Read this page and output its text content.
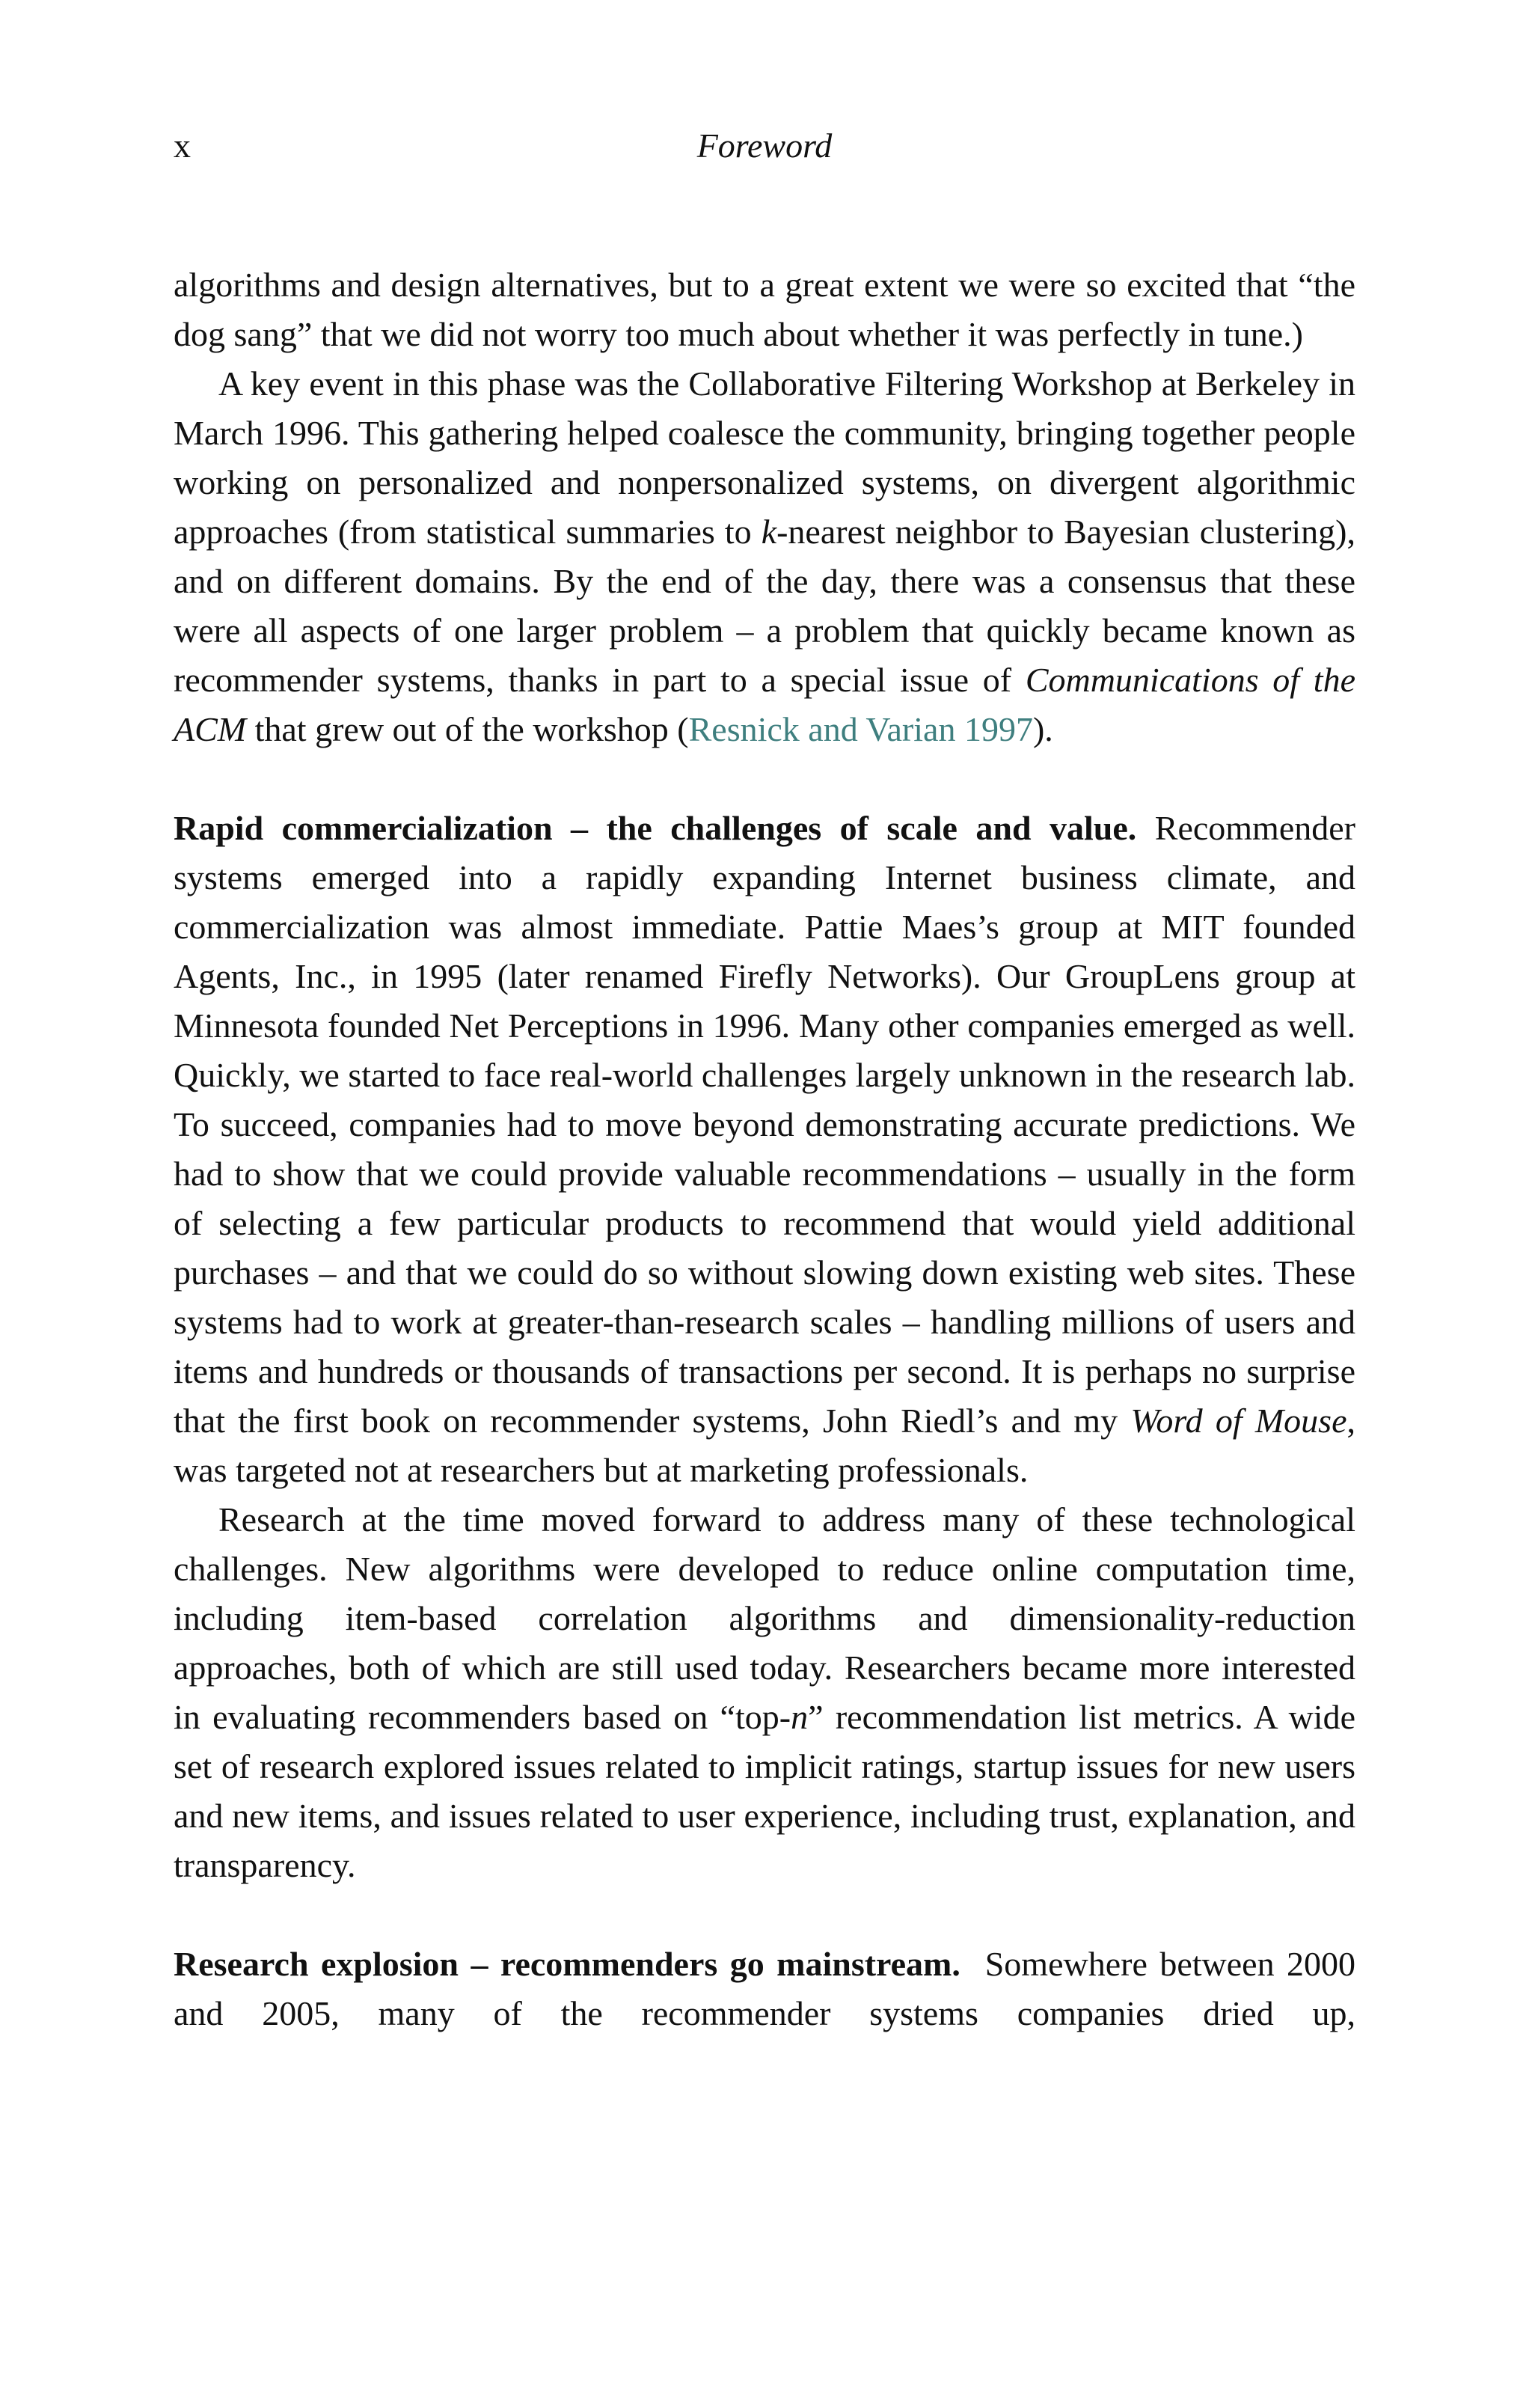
x	Foreword

algorithms and design alternatives, but to a great extent we were so excited that “the dog sang” that we did not worry too much about whether it was perfectly in tune.)

A key event in this phase was the Collaborative Filtering Workshop at Berkeley in March 1996. This gathering helped coalesce the community, bringing together people working on personalized and nonpersonalized systems, on divergent algorithmic approaches (from statistical summaries to k-nearest neighbor to Bayesian clustering), and on different domains. By the end of the day, there was a consensus that these were all aspects of one larger problem – a problem that quickly became known as recommender systems, thanks in part to a special issue of Communications of the ACM that grew out of the workshop (Resnick and Varian 1997).

Rapid commercialization – the challenges of scale and value. Recommender systems emerged into a rapidly expanding Internet business climate, and commercialization was almost immediate. Pattie Maes’s group at MIT founded Agents, Inc., in 1995 (later renamed Firefly Networks). Our GroupLens group at Minnesota founded Net Perceptions in 1996. Many other companies emerged as well. Quickly, we started to face real-world challenges largely unknown in the research lab. To succeed, companies had to move beyond demonstrating accurate predictions. We had to show that we could provide valuable recommendations – usually in the form of selecting a few particular products to recommend that would yield additional purchases – and that we could do so without slowing down existing web sites. These systems had to work at greater-than-research scales – handling millions of users and items and hundreds or thousands of transactions per second. It is perhaps no surprise that the first book on recommender systems, John Riedl’s and my Word of Mouse, was targeted not at researchers but at marketing professionals.

Research at the time moved forward to address many of these technological challenges. New algorithms were developed to reduce online computation time, including item-based correlation algorithms and dimensionality-reduction approaches, both of which are still used today. Researchers became more interested in evaluating recommenders based on “top-n” recommendation list metrics. A wide set of research explored issues related to implicit ratings, startup issues for new users and new items, and issues related to user experience, including trust, explanation, and transparency.

Research explosion – recommenders go mainstream.  Somewhere between 2000 and 2005, many of the recommender systems companies dried up,
